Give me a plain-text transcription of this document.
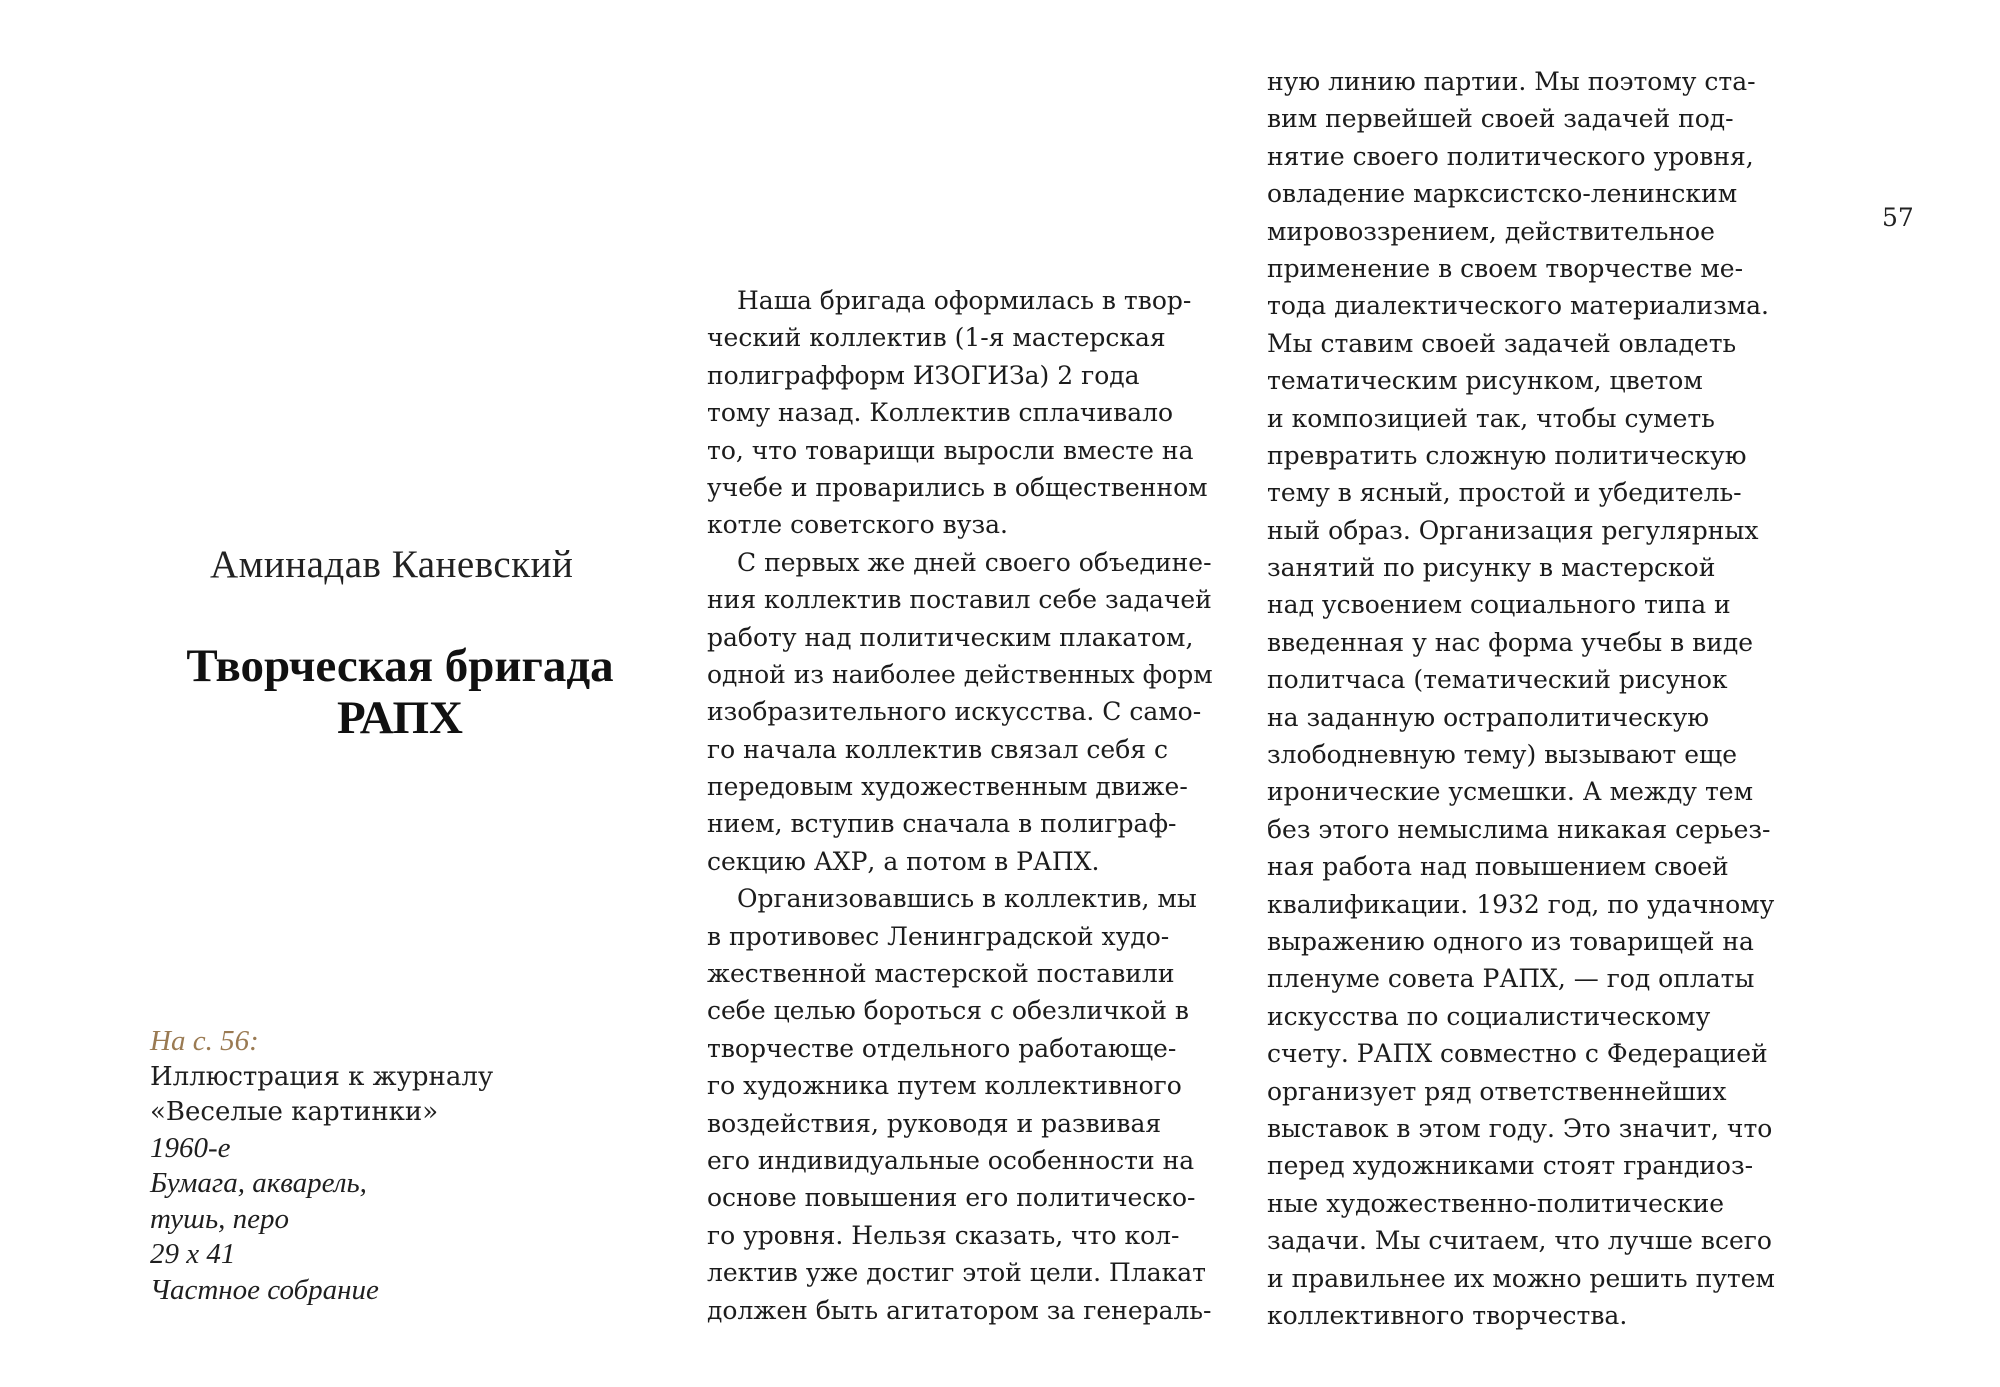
Аминадав Каневский
Творческая бригада
РАПХ
На с. 56:
Иллюстрация к журналу
«Веселые картинки»
1960-е
Бумага, акварель,
тушь, перо
29 х 41
Частное собрание
Наша бригада оформилась в твор-
ческий коллектив (1-я мастерская
полиграфформ ИЗОГИЗа) 2 года
тому назад. Коллектив сплачивало
то, что товарищи выросли вместе на
учебе и проварились в общественном
котле советского вуза.
С первых же дней своего объедине-
ния коллектив поставил себе задачей
работу над политическим плакатом,
одной из наиболее действенных форм
изобразительного искусства. С само-
го начала коллектив связал себя с
передовым художественным движе-
нием, вступив сначала в полиграф-
секцию АХР, а потом в РАПХ.
Организовавшись в коллектив, мы
в противовес Ленинградской худо-
жественной мастерской поставили
себе целью бороться с обезличкой в
творчестве отдельного работающе-
го художника путем коллективного
воздействия, руководя и развивая
его индивидуальные особенности на
основе повышения его политическо-
го уровня. Нельзя сказать, что кол-
лектив уже достиг этой цели. Плакат
должен быть агитатором за генераль-
ную линию партии. Мы поэтому ста-
вим первейшей своей задачей под-
нятие своего политического уровня,
овладение марксистско-ленинским
мировоззрением, действительное
применение в своем творчестве ме-
тода диалектического материализма.
Мы ставим своей задачей овладеть
тематическим рисунком, цветом
и композицией так, чтобы суметь
превратить сложную политическую
тему в ясный, простой и убедитель-
ный образ. Организация регулярных
занятий по рисунку в мастерской
над усвоением социального типа и
введенная у нас форма учебы в виде
политчаса (тематический рисунок
на заданную остраполитическую
злободневную тему) вызывают еще
иронические усмешки. А между тем
без этого немыслима никакая серьез-
ная работа над повышением своей
квалификации. 1932 год, по удачному
выражению одного из товарищей на
пленуме совета РАПХ, — год оплаты
искусства по социалистическому
счету. РАПХ совместно с Федерацией
организует ряд ответственнейших
выставок в этом году. Это значит, что
перед художниками стоят грандиоз-
ные художественно-политические
задачи. Мы считаем, что лучше всего
и правильнее их можно решить путем
коллективного творчества.
57
